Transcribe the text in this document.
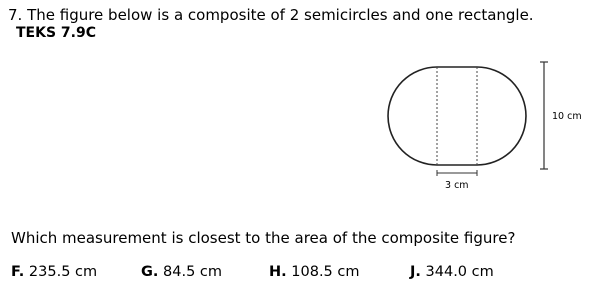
7. The figure below is a composite of 2 semicircles and one rectangle.
TEKS 7.9C
3 cm
10 cm
Which measurement is closest to the area of the composite figure?
F. 235.5 cm	G. 84.5 cm	H. 108.5 cm	J. 344.0 cm
